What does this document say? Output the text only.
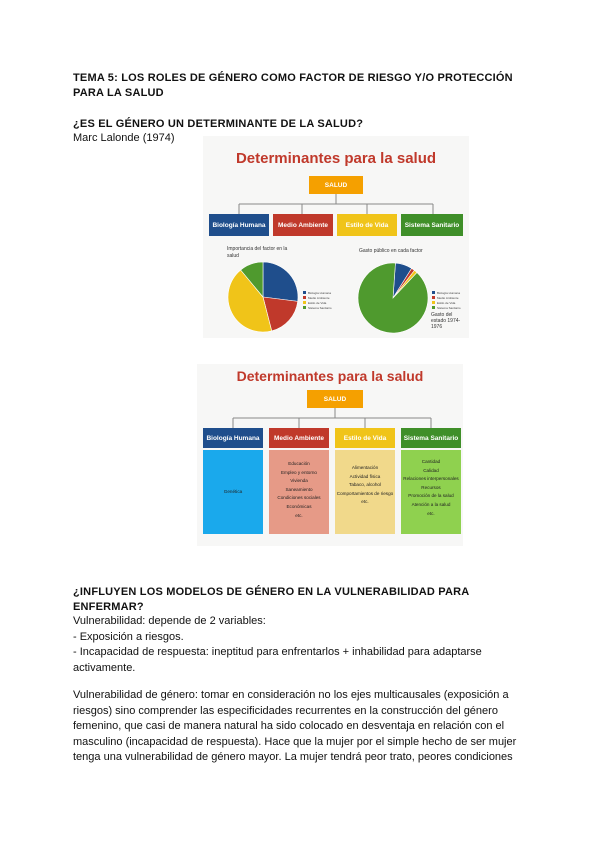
TEMA 5: LOS ROLES DE GÉNERO COMO FACTOR DE RIESGO Y/O PROTECCIÓN
PARA LA SALUD
¿ES EL GÉNERO UN DETERMINANTE DE LA SALUD?
Marc Lalonde (1974)
Determinantes para la salud
SALUD
Biología Humana	Medio Ambiente	Estilo de Vida	Sistema Sanitario
Importancia del factor en la salud
Gasto público en cada factor
Biología Humana
Medio Ambiente
Estilo de Vida
Sistema Sanitario
Biología Humana
Medio Ambiente
Estilo de Vida
Sistema Sanitario
Gasto del estado 1974-1976
Determinantes para la salud
SALUD
Biología Humana	Medio Ambiente	Estilo de Vida	Sistema Sanitario
Genética
Educación
Empleo y entorno
Vivienda
Saneamiento
Condiciones sociales
Económicas
etc.
Alimentación
Actividad física
Tabaco, alcohol
Comportamientos de riesgo
etc.
Cantidad
Calidad
Relaciones interpersonales
Recursos
Promoción de la salud
Atención a la salud
etc.
¿INFLUYEN LOS MODELOS DE GÉNERO EN LA VULNERABILIDAD PARA
ENFERMAR?
Vulnerabilidad: depende de 2 variables:
- Exposición a riesgos.
- Incapacidad de respuesta: ineptitud para enfrentarlos + inhabilidad para adaptarse
activamente.
Vulnerabilidad de género: tomar en consideración no los ejes multicausales (exposición a
riesgos) sino comprender las especificidades recurrentes en la construcción del género
femenino, que casi de manera natural ha sido colocado en desventaja en relación con el
masculino (incapacidad de respuesta). Hace que la mujer por el simple hecho de ser mujer
tenga una vulnerabilidad de género mayor. La mujer tendrá peor trato, peores condiciones
